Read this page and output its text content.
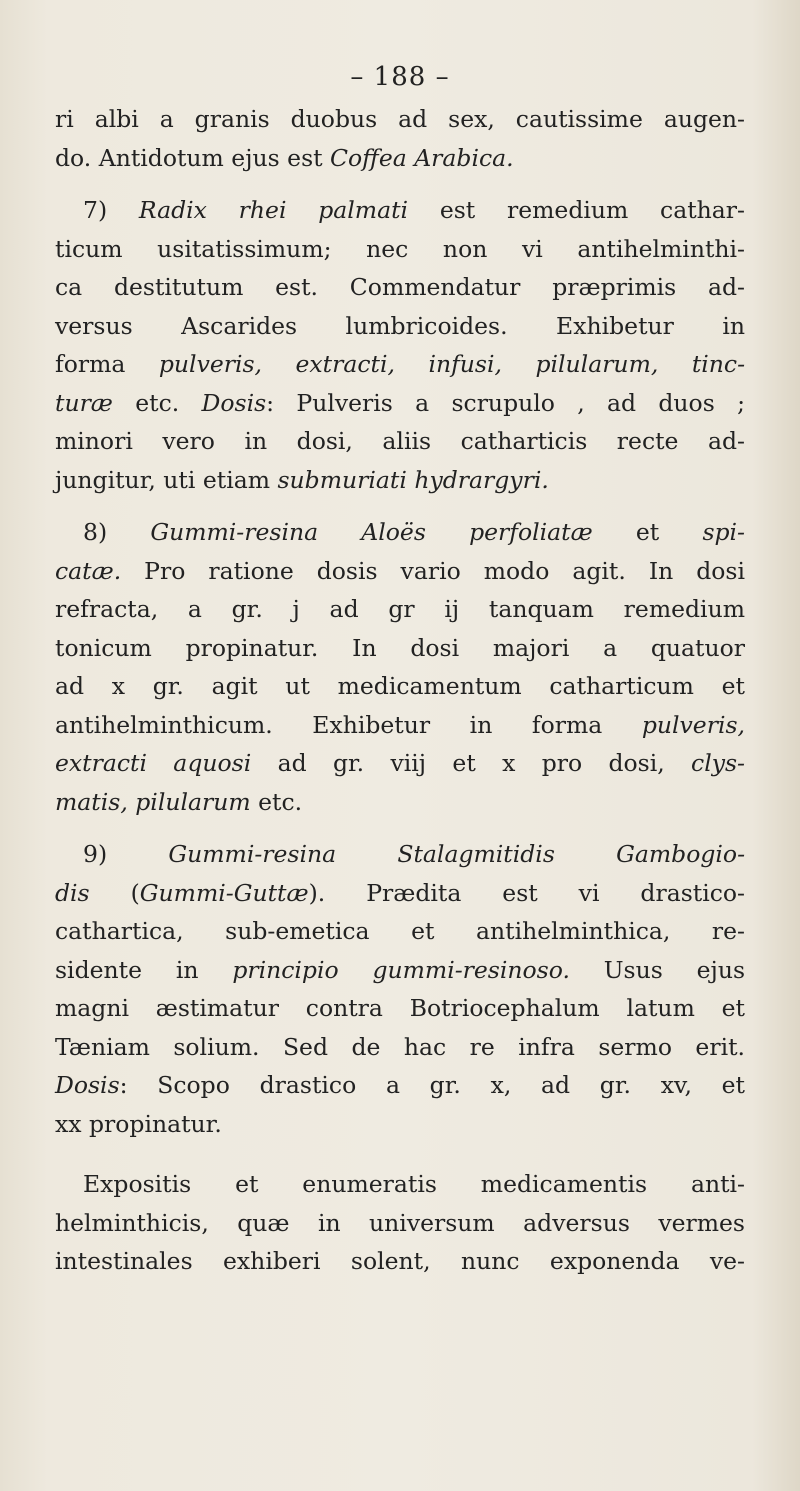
– 188 –
ri albi a granis duobus ad sex, cautissime augen-
do. Antidotum ejus est Coffea Arabica.
7) Radix rhei palmati est remedium cathar-
ticum usitatissimum; nec non vi antihelminthi-
ca destitutum est. Commendatur præprimis ad-
versus Ascarides lumbricoides. Exhibetur in
forma pulveris, extracti, infusi, pilularum, tinc-
turæ etc. Dosis: Pulveris a scrupulo , ad duos ;
minori vero in dosi, aliis catharticis recte ad-
jungitur, uti etiam submuriati hydrargyri.
8) Gummi-resina Aloës perfoliatæ et spi-
catæ. Pro ratione dosis vario modo agit. In dosi
refracta, a gr. j ad gr ij tanquam remedium
tonicum propinatur. In dosi majori a quatuor
ad x gr. agit ut medicamentum catharticum et
antihelminthicum. Exhibetur in forma pulveris,
extracti aquosi ad gr. viij et x pro dosi, clys-
matis, pilularum etc.
9) Gummi-resina Stalagmitidis Gambogio-
dis (Gummi-Guttæ). Prædita est vi drastico-
cathartica, sub-emetica et antihelminthica, re-
sidente in principio gummi-resinoso. Usus ejus
magni æstimatur contra Botriocephalum latum et
Tæniam solium. Sed de hac re infra sermo erit.
Dosis: Scopo drastico a gr. x, ad gr. xv, et
xx propinatur.
Expositis et enumeratis medicamentis anti-
helminthicis, quæ in universum adversus vermes
intestinales exhiberi solent, nunc exponenda ve-
